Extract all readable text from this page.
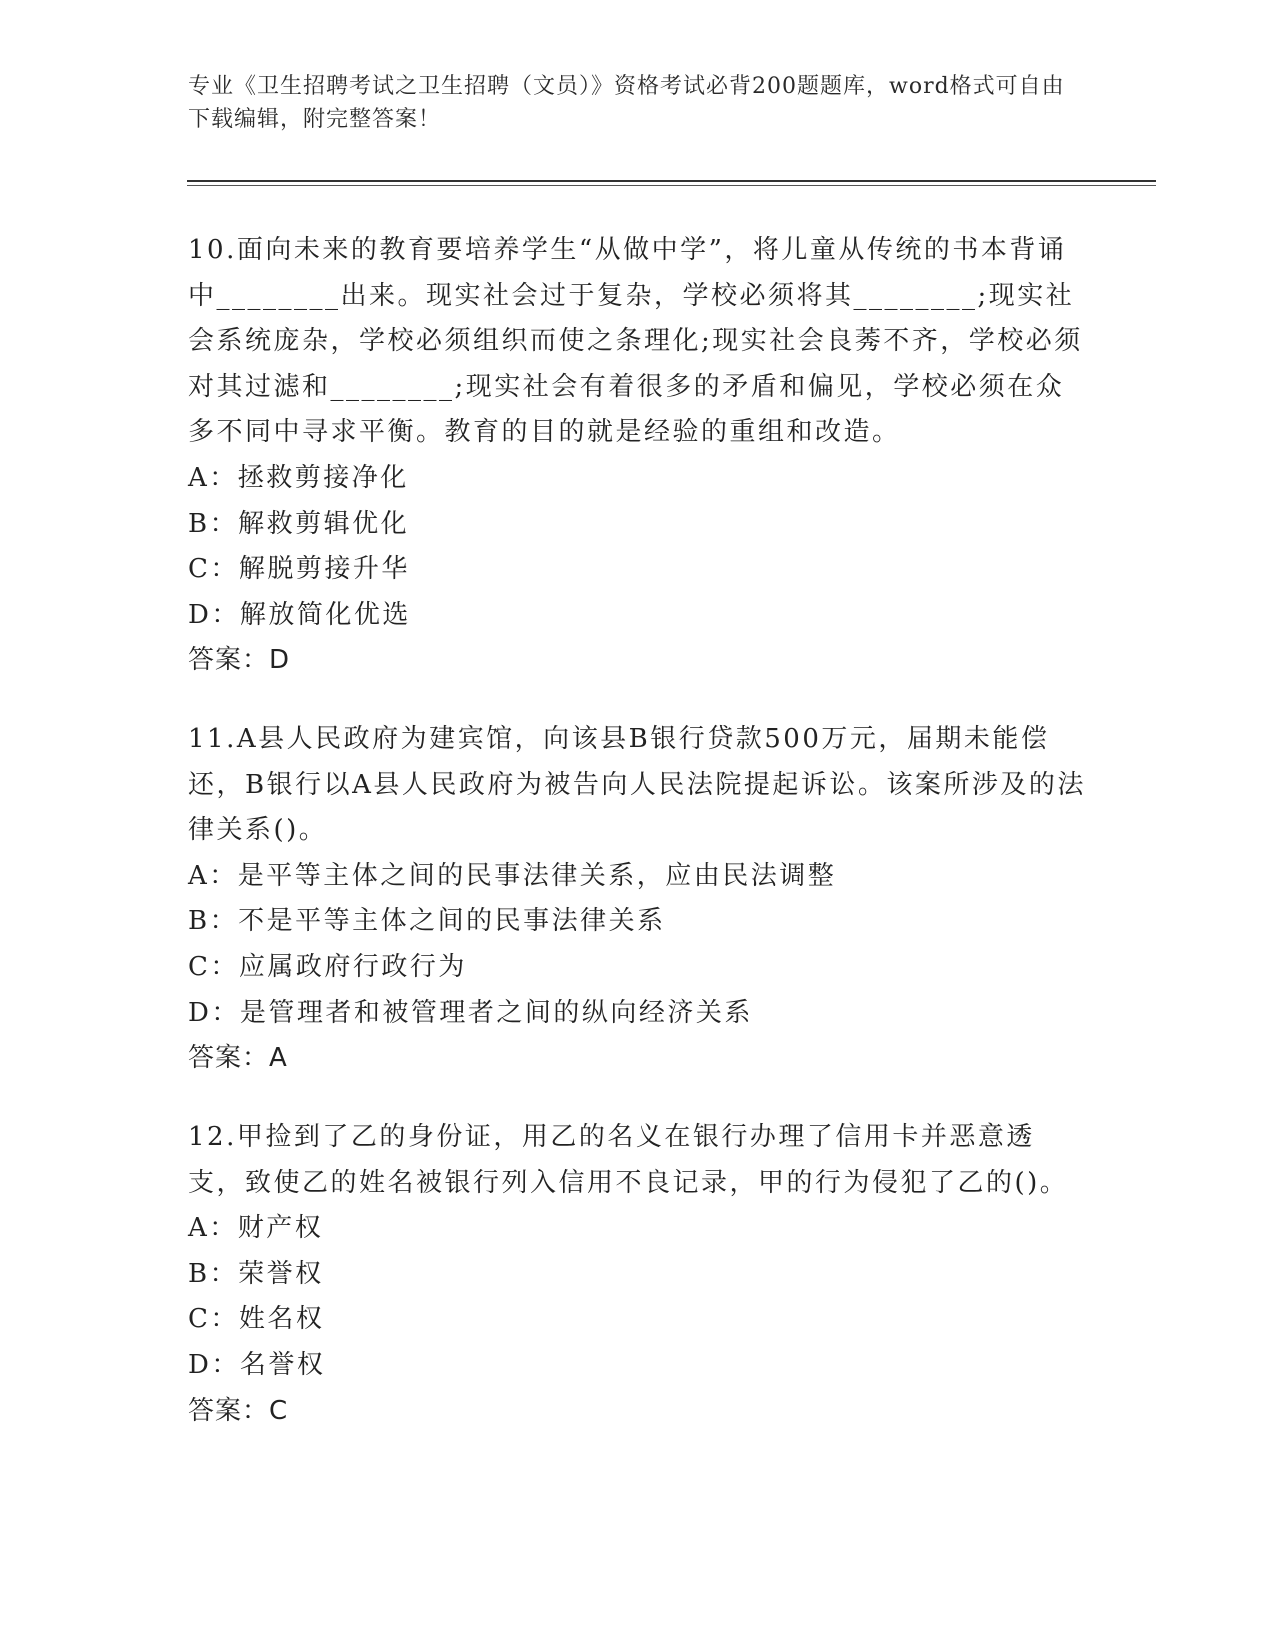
专业《卫生招聘考试之卫生招聘（文员）》资格考试必背200题题库，word格式可自由下载编辑，附完整答案！

10.面向未来的教育要培养学生“从做中学”，将儿童从传统的书本背诵中________出来。现实社会过于复杂，学校必须将其________;现实社会系统庞杂，学校必须组织而使之条理化;现实社会良莠不齐，学校必须对其过滤和________;现实社会有着很多的矛盾和偏见，学校必须在众多不同中寻求平衡。教育的目的就是经验的重组和改造。

A：拯救剪接净化

B：解救剪辑优化

C：解脱剪接升华

D：解放简化优选

答案：D

11.A县人民政府为建宾馆，向该县B银行贷款500万元，届期未能偿还，B银行以A县人民政府为被告向人民法院提起诉讼。该案所涉及的法律关系()。

A：是平等主体之间的民事法律关系，应由民法调整

B：不是平等主体之间的民事法律关系

C：应属政府行政行为

D：是管理者和被管理者之间的纵向经济关系

答案：A

12.甲捡到了乙的身份证，用乙的名义在银行办理了信用卡并恶意透支，致使乙的姓名被银行列入信用不良记录，甲的行为侵犯了乙的()。

A：财产权

B：荣誉权

C：姓名权

D：名誉权

答案：C
